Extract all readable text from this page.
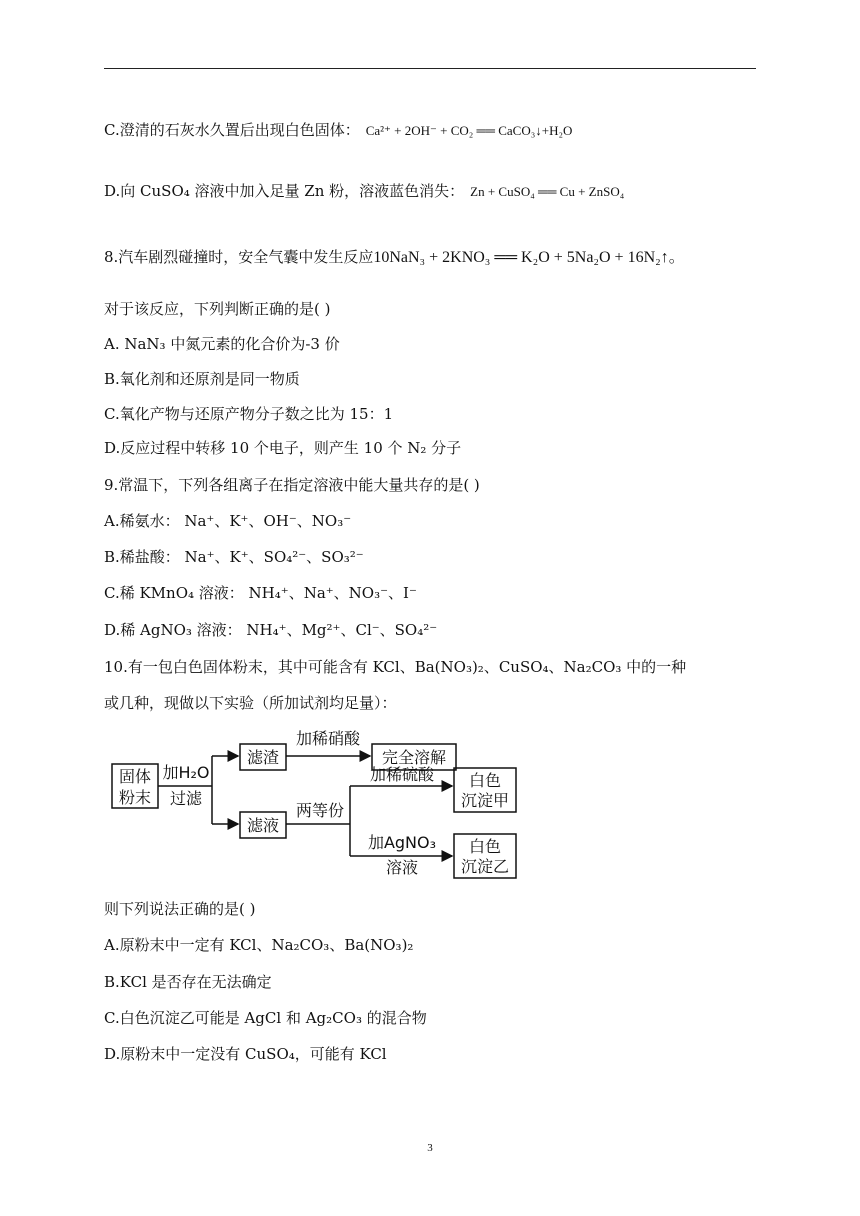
C.澄清的石灰水久置后出现白色固体： Ca²⁺ + 2OH⁻ + CO₂ ══ CaCO₃↓+H₂O
D.向 CuSO₄ 溶液中加入足量 Zn 粉，溶液蓝色消失： Zn + CuSO₄ ══ Cu + ZnSO₄
8.汽车剧烈碰撞时，安全气囊中发生反应10NaN₃ + 2KNO₃ ══ K₂O + 5Na₂O + 16N₂↑。
对于该反应，下列判断正确的是( )
A. NaN₃ 中氮元素的化合价为-3 价
B.氧化剂和还原剂是同一物质
C.氧化产物与还原产物分子数之比为 15：1
D.反应过程中转移 10 个电子，则产生 10 个 N₂ 分子
9.常温下，下列各组离子在指定溶液中能大量共存的是( )
A.稀氨水： Na⁺、K⁺、OH⁻、NO₃⁻
B.稀盐酸： Na⁺、K⁺、SO₄²⁻、SO₃²⁻
C.稀 KMnO₄ 溶液： NH₄⁺、Na⁺、NO₃⁻、I⁻
D.稀 AgNO₃ 溶液： NH₄⁺、Mg²⁺、Cl⁻、SO₄²⁻
10.有一包白色固体粉末，其中可能含有 KCl、Ba(NO₃)₂、CuSO₄、Na₂CO₃ 中的一种
或几种，现做以下实验（所加试剂均足量）：
固体
粉末
加H₂O
过滤
滤渣
加稀硝酸
完全溶解
滤液
两等份
加稀硫酸
加AgNO₃
溶液
白色
沉淀甲
白色
沉淀乙
则下列说法正确的是( )
A.原粉末中一定有 KCl、Na₂CO₃、Ba(NO₃)₂
B.KCl 是否存在无法确定
C.白色沉淀乙可能是 AgCl 和 Ag₂CO₃ 的混合物
D.原粉末中一定没有 CuSO₄，可能有 KCl
3
